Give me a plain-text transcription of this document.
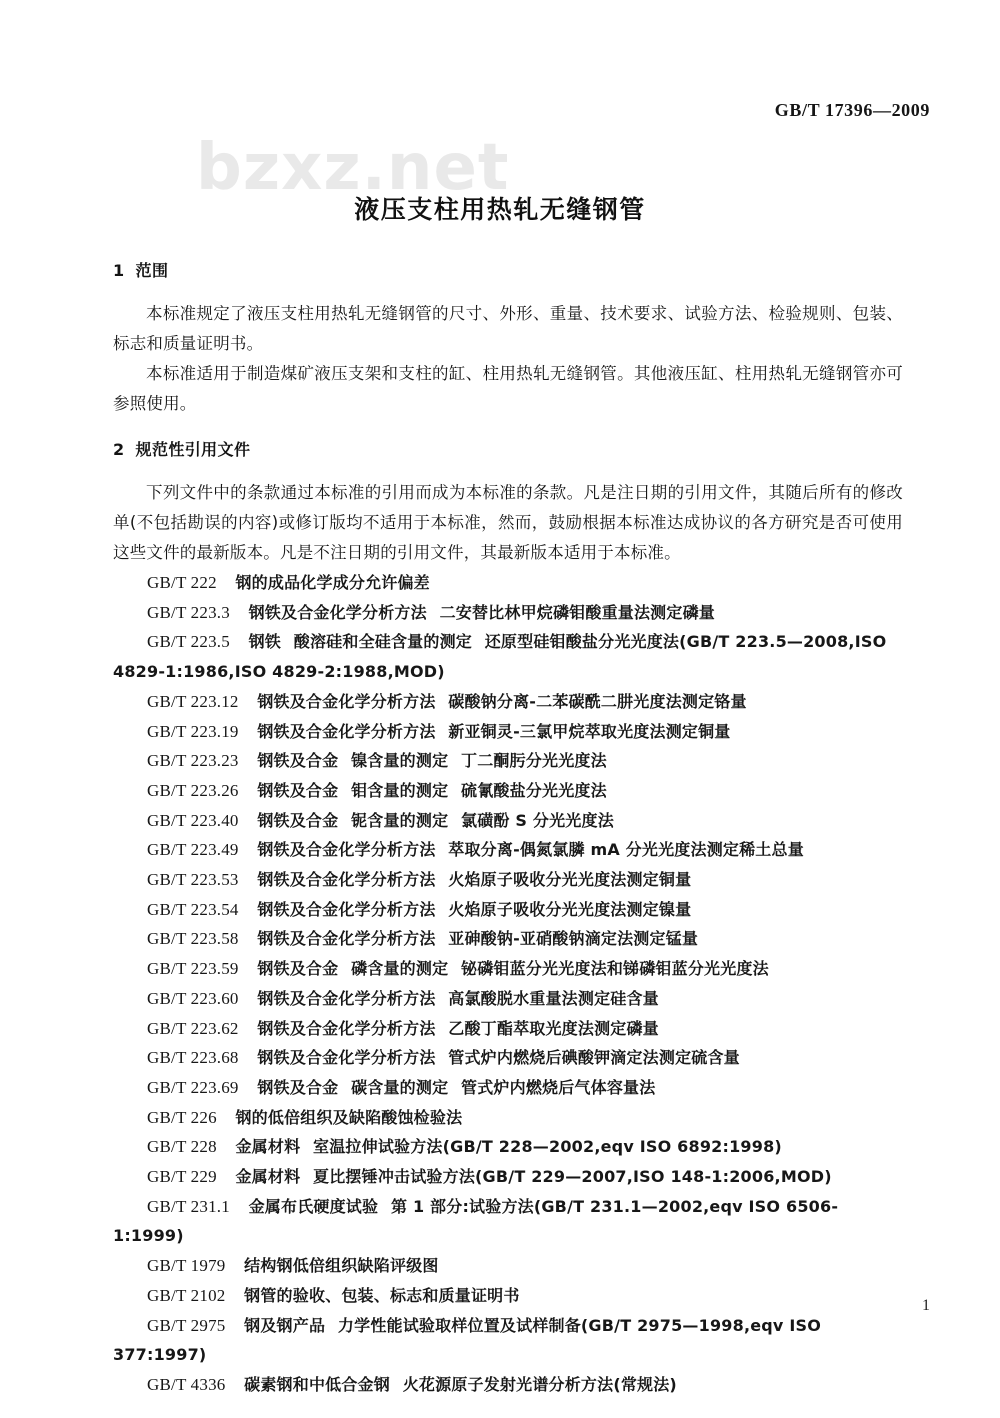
bzxz.net
GB/T 17396—2009
液压支柱用热轧无缝钢管
1 范围

本标准规定了液压支柱用热轧无缝钢管的尺寸、外形、重量、技术要求、试验方法、检验规则、包装、标志和质量证明书。

本标准适用于制造煤矿液压支架和支柱的缸、柱用热轧无缝钢管。其他液压缸、柱用热轧无缝钢管亦可参照使用。

2 规范性引用文件

下列文件中的条款通过本标准的引用而成为本标准的条款。凡是注日期的引用文件，其随后所有的修改单(不包括勘误的内容)或修订版均不适用于本标准，然而，鼓励根据本标准达成协议的各方研究是否可使用这些文件的最新版本。凡是不注日期的引用文件，其最新版本适用于本标准。

GB/T 222 钢的成品化学成分允许偏差
GB/T 223.3 钢铁及合金化学分析方法 二安替比林甲烷磷钼酸重量法测定磷量
GB/T 223.5 钢铁 酸溶硅和全硅含量的测定 还原型硅钼酸盐分光光度法(GB/T 223.5—2008,ISO 4829-1:1986,ISO 4829-2:1988,MOD)
GB/T 223.12 钢铁及合金化学分析方法 碳酸钠分离-二苯碳酰二肼光度法测定铬量
GB/T 223.19 钢铁及合金化学分析方法 新亚铜灵-三氯甲烷萃取光度法测定铜量
GB/T 223.23 钢铁及合金 镍含量的测定 丁二酮肟分光光度法
GB/T 223.26 钢铁及合金 钼含量的测定 硫氰酸盐分光光度法
GB/T 223.40 钢铁及合金 铌含量的测定 氯磺酚 S 分光光度法
GB/T 223.49 钢铁及合金化学分析方法 萃取分离-偶氮氯膦 mA 分光光度法测定稀土总量
GB/T 223.53 钢铁及合金化学分析方法 火焰原子吸收分光光度法测定铜量
GB/T 223.54 钢铁及合金化学分析方法 火焰原子吸收分光光度法测定镍量
GB/T 223.58 钢铁及合金化学分析方法 亚砷酸钠-亚硝酸钠滴定法测定锰量
GB/T 223.59 钢铁及合金 磷含量的测定 铋磷钼蓝分光光度法和锑磷钼蓝分光光度法
GB/T 223.60 钢铁及合金化学分析方法 高氯酸脱水重量法测定硅含量
GB/T 223.62 钢铁及合金化学分析方法 乙酸丁酯萃取光度法测定磷量
GB/T 223.68 钢铁及合金化学分析方法 管式炉内燃烧后碘酸钾滴定法测定硫含量
GB/T 223.69 钢铁及合金 碳含量的测定 管式炉内燃烧后气体容量法
GB/T 226 钢的低倍组织及缺陷酸蚀检验法
GB/T 228 金属材料 室温拉伸试验方法(GB/T 228—2002,eqv ISO 6892:1998)
GB/T 229 金属材料 夏比摆锤冲击试验方法(GB/T 229—2007,ISO 148-1:2006,MOD)
GB/T 231.1 金属布氏硬度试验 第 1 部分:试验方法(GB/T 231.1—2002,eqv ISO 6506-1:1999)
GB/T 1979 结构钢低倍组织缺陷评级图
GB/T 2102 钢管的验收、包装、标志和质量证明书
GB/T 2975 钢及钢产品 力学性能试验取样位置及试样制备(GB/T 2975—1998,eqv ISO 377:1997)
GB/T 4336 碳素钢和中低合金钢 火花源原子发射光谱分析方法(常规法)
1
